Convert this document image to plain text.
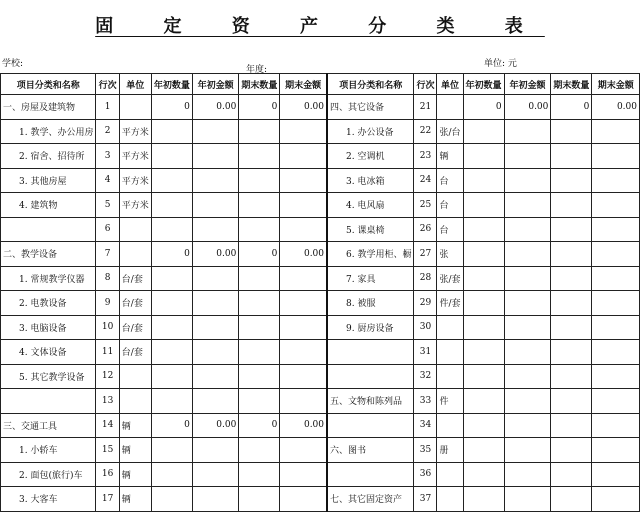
固 定 资 产 分 类 表
学校:
年度:
单位: 元
项目分类和名称	行次	单位	年初数量	年初金额	期末数量	期末金额	项目分类和名称	行次	单位	年初数量	年初金额	期末数量	期末金额
一、房屋及建筑物	1		0	0.00	0	0.00	四、其它设备	21		0	0.00	0	0.00
1. 教学、办公用房	2	平方米					1. 办公设备	22	张/台				
2. 宿舍、招待所	3	平方米					2. 空调机	23	辆				
3. 其他房屋	4	平方米					3. 电冰箱	24	台				
4. 建筑物	5	平方米					4. 电风扇	25	台				
	6						5. 课桌椅	26	台				
二、教学设备	7		0	0.00	0	0.00	6. 教学用柜、橱	27	张				
1. 常规教学仪器	8	台/套					7. 家具	28	张/套				
2. 电教设备	9	台/套					8. 被服	29	件/套				
3. 电脑设备	10	台/套					9. 厨房设备	30					
4. 文体设备	11	台/套						31					
5. 其它教学设备	12							32					
	13						五、文物和陈列品	33	件				
三、交通工具	14	辆	0	0.00	0	0.00		34					
1. 小轿车	15	辆					六、图书	35	册				
2. 面包(旅行)车	16	辆						36					
3. 大客车	17	辆					七、其它固定资产	37					
